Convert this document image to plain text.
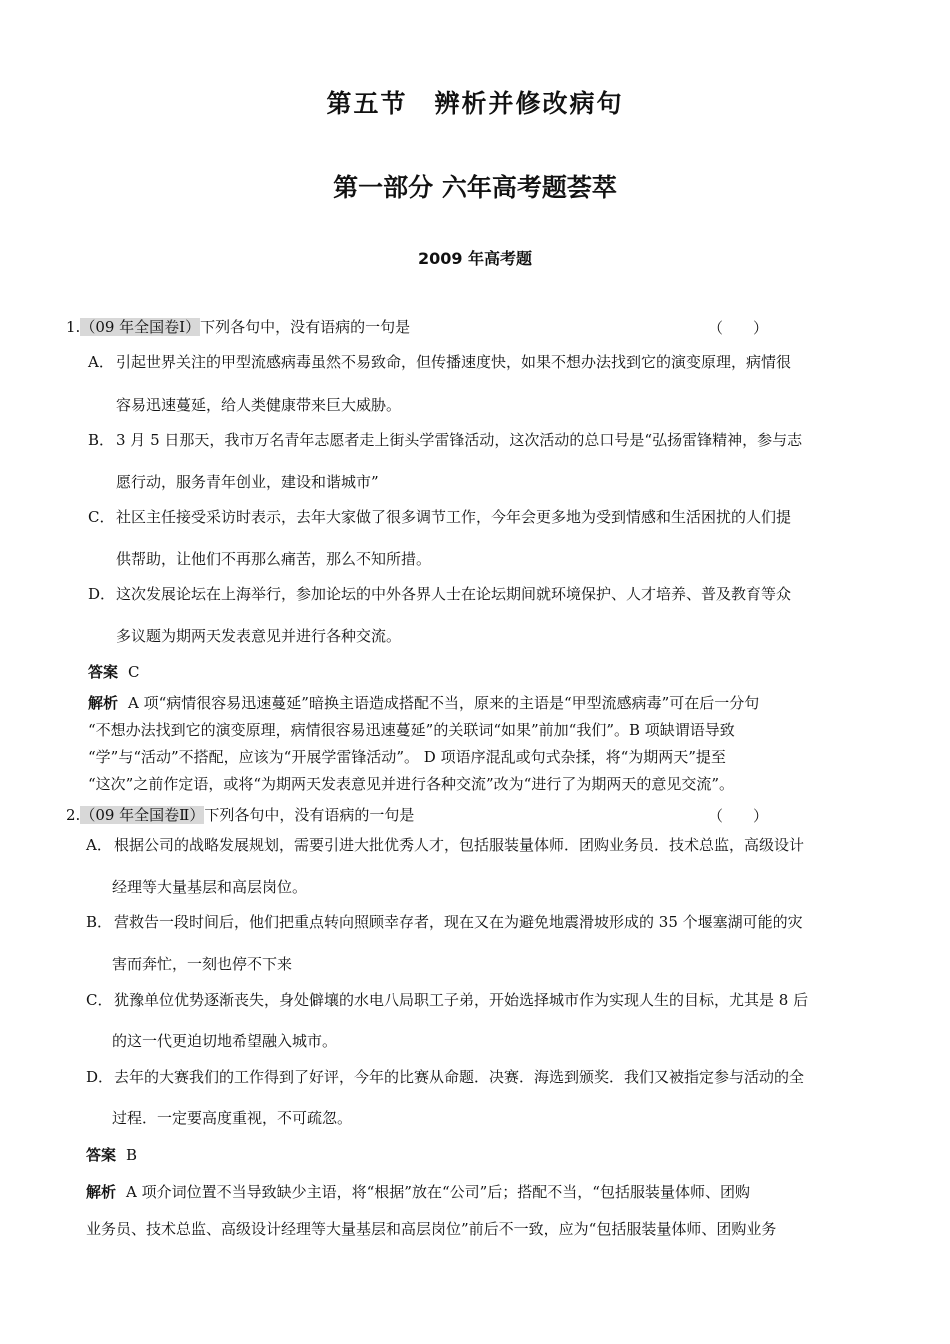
第五节　辨析并修改病句
第一部分 六年高考题荟萃
2009 年高考题
1.（09 年全国卷Ⅰ）下列各句中，没有语病的一句是	（　　）
A． 引起世界关注的甲型流感病毒虽然不易致命，但传播速度快，如果不想办法找到它的演变原理，病情很
容易迅速蔓延，给人类健康带来巨大威胁。
B． 3 月 5 日那天，我市万名青年志愿者走上街头学雷锋活动，这次活动的总口号是“弘扬雷锋精神，参与志
愿行动，服务青年创业，建设和谐城市”
C． 社区主任接受采访时表示，去年大家做了很多调节工作，今年会更多地为受到情感和生活困扰的人们提
供帮助，让他们不再那么痛苦，那么不知所措。
D．这次发展论坛在上海举行，参加论坛的中外各界人士在论坛期间就环境保护、人才培养、普及教育等众
多议题为期两天发表意见并进行各种交流。
答案 C
解析 A 项“病情很容易迅速蔓延”暗换主语造成搭配不当，原来的主语是“甲型流感病毒”可在后一分句
“不想办法找到它的演变原理，病情很容易迅速蔓延”的关联词“如果”前加“我们”。B 项缺谓语导致
“学”与“活动”不搭配，应该为“开展学雷锋活动”。 D 项语序混乱或句式杂揉，将“为期两天”提至
“这次”之前作定语，或将“为期两天发表意见并进行各种交流”改为“进行了为期两天的意见交流”。
2.（09 年全国卷Ⅱ）下列各句中，没有语病的一句是	（　　）
A． 根据公司的战略发展规划，需要引进大批优秀人才，包括服装量体师．团购业务员．技术总监，高级设计
经理等大量基层和高层岗位。
B． 营救告一段时间后，他们把重点转向照顾幸存者，现在又在为避免地震滑坡形成的 35 个堰塞湖可能的灾
害而奔忙，一刻也停不下来
C． 犹豫单位优势逐渐丧失，身处僻壤的水电八局职工子弟，开始选择城市作为实现人生的目标，尤其是 8 后
的这一代更迫切地希望融入城市。
D．去年的大赛我们的工作得到了好评，今年的比赛从命题．决赛．海选到颁奖．我们又被指定参与活动的全
过程．一定要高度重视，不可疏忽。
答案 B
解析 A 项介词位置不当导致缺少主语，将“根据”放在“公司”后；搭配不当，“包括服装量体师、团购
业务员、技术总监、高级设计经理等大量基层和高层岗位”前后不一致，应为“包括服装量体师、团购业务
